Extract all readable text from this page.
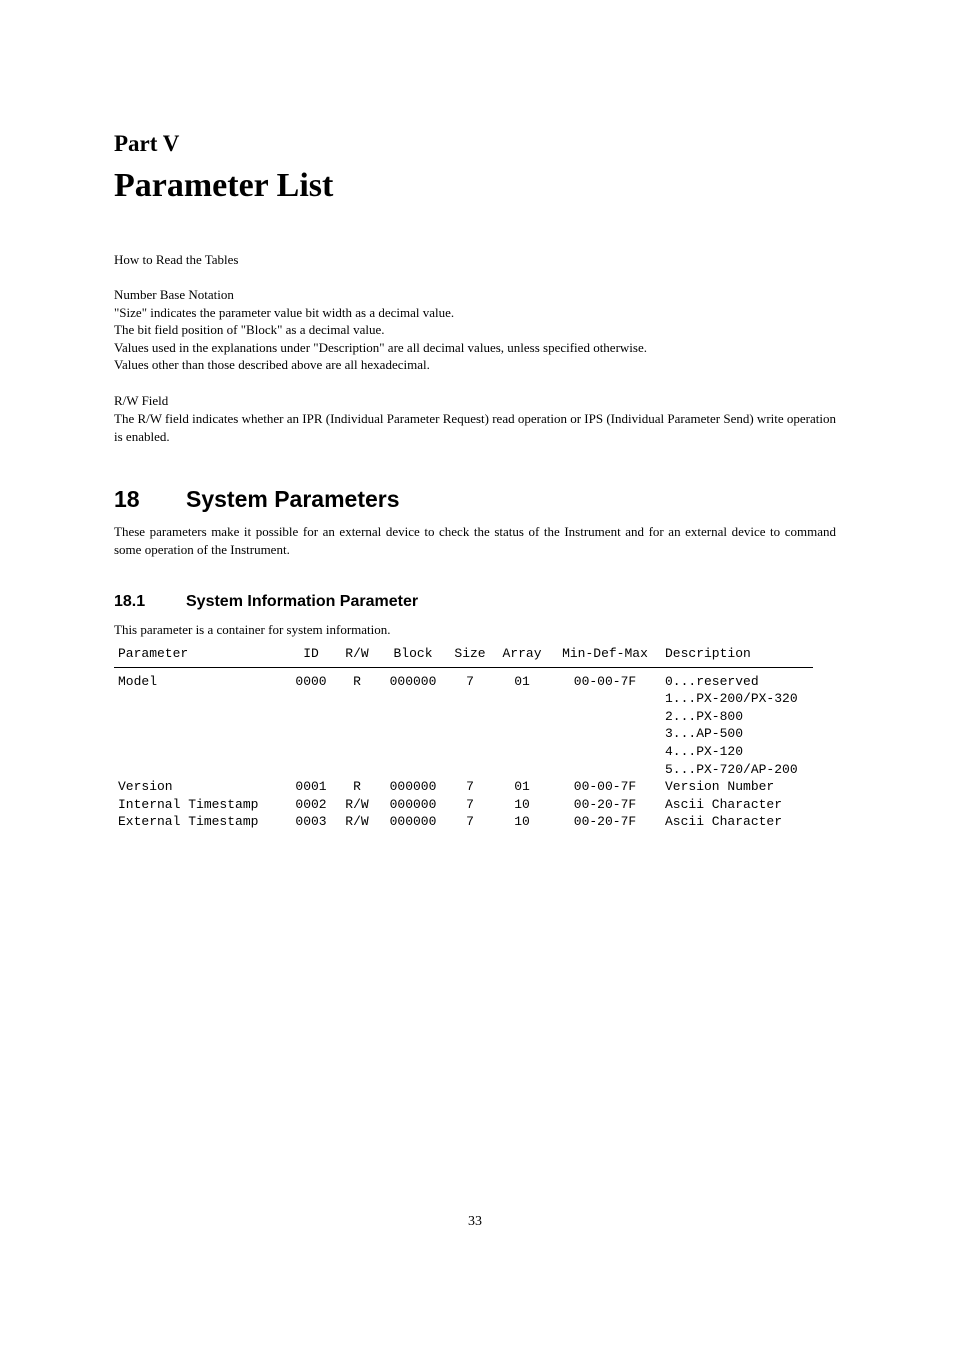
Part V
Parameter List
How to Read the Tables
Number Base Notation
"Size" indicates the parameter value bit width as a decimal value.
The bit field position of "Block" as a decimal value.
Values used in the explanations under "Description" are all decimal values, unless specified otherwise.
Values other than those described above are all hexadecimal.
R/W Field
The R/W field indicates whether an IPR (Individual Parameter Request) read operation or IPS (Individual Parameter Send) write operation is enabled.
18 System Parameters
These parameters make it possible for an external device to check the status of the Instrument and for an external device to command some operation of the Instrument.
18.1	System Information Parameter
This parameter is a container for system information.
Parameter	ID	R/W	Block	Size	Array	Min-Def-Max	Description
Model	0000	R	000000	7	01	00-00-7F	0...reserved
							1...PX-200/PX-320
							2...PX-800
							3...AP-500
							4...PX-120
							5...PX-720/AP-200
Version	0001	R	000000	7	01	00-00-7F	Version Number
Internal Timestamp	0002	R/W	000000	7	10	00-20-7F	Ascii Character
External Timestamp	0003	R/W	000000	7	10	00-20-7F	Ascii Character
33
